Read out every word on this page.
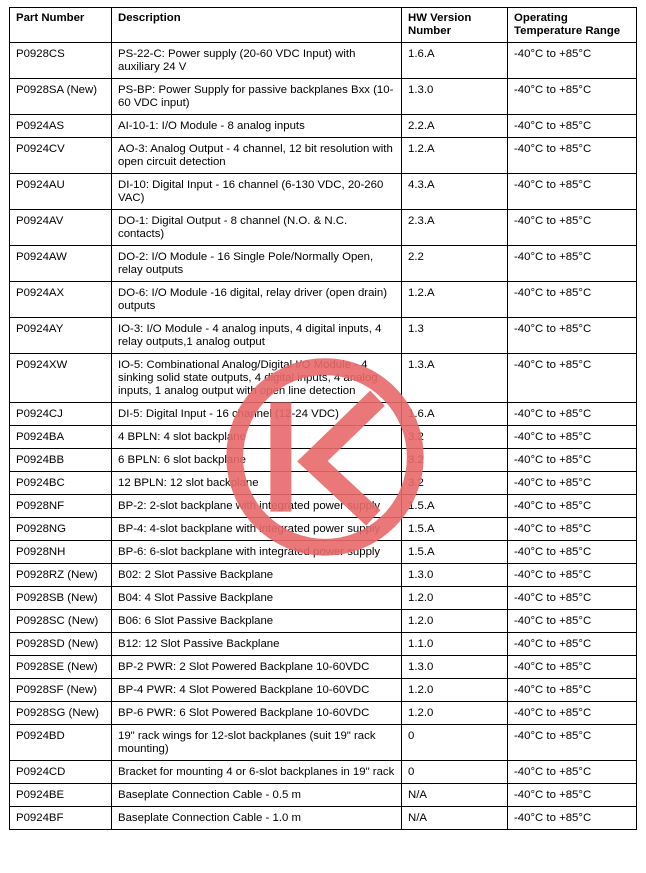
Part Number	Description	HW Version Number	Operating Temperature Range
P0928CS	PS-22-C: Power supply (20-60 VDC Input) with auxiliary 24 V	1.6.A	-40°C to +85°C
P0928SA (New)	PS-BP: Power Supply for passive backplanes Bxx (10-60 VDC input)	1.3.0	-40°C to +85°C
P0924AS	AI-10-1: I/O Module - 8 analog inputs	2.2.A	-40°C to +85°C
P0924CV	AO-3: Analog Output - 4 channel, 12 bit resolution with open circuit detection	1.2.A	-40°C to +85°C
P0924AU	DI-10: Digital Input - 16 channel (6-130 VDC, 20-260 VAC)	4.3.A	-40°C to +85°C
P0924AV	DO-1: Digital Output - 8 channel (N.O. & N.C. contacts)	2.3.A	-40°C to +85°C
P0924AW	DO-2: I/O Module - 16 Single Pole/Normally Open, relay outputs	2.2	-40°C to +85°C
P0924AX	DO-6: I/O Module -16 digital, relay driver (open drain) outputs	1.2.A	-40°C to +85°C
P0924AY	IO-3: I/O Module - 4 analog inputs, 4 digital inputs, 4 relay outputs,1 analog output	1.3	-40°C to +85°C
P0924XW	IO-5: Combinational Analog/Digital I/O Module - 4 sinking solid state outputs, 4 digital inputs, 4 analog inputs, 1 analog output with open line detection	1.3.A	-40°C to +85°C
P0924CJ	DI-5: Digital Input - 16 channel (12-24 VDC)	1.6.A	-40°C to +85°C
P0924BA	4 BPLN: 4 slot backplane	3.2	-40°C to +85°C
P0924BB	6 BPLN: 6 slot backplane	3.2	-40°C to +85°C
P0924BC	12 BPLN: 12 slot backplane	3.2	-40°C to +85°C
P0928NF	BP-2: 2-slot backplane with integrated power supply	1.5.A	-40°C to +85°C
P0928NG	BP-4: 4-slot backplane with integrated power supply	1.5.A	-40°C to +85°C
P0928NH	BP-6: 6-slot backplane with integrated power supply	1.5.A	-40°C to +85°C
P0928RZ (New)	B02: 2 Slot Passive Backplane	1.3.0	-40°C to +85°C
P0928SB (New)	B04: 4 Slot Passive Backplane	1.2.0	-40°C to +85°C
P0928SC (New)	B06: 6 Slot Passive Backplane	1.2.0	-40°C to +85°C
P0928SD (New)	B12: 12 Slot Passive Backplane	1.1.0	-40°C to +85°C
P0928SE (New)	BP-2 PWR: 2 Slot Powered Backplane 10-60VDC	1.3.0	-40°C to +85°C
P0928SF (New)	BP-4 PWR: 4 Slot Powered Backplane 10-60VDC	1.2.0	-40°C to +85°C
P0928SG (New)	BP-6 PWR: 6 Slot Powered Backplane 10-60VDC	1.2.0	-40°C to +85°C
P0924BD	19" rack wings for 12-slot backplanes (suit 19" rack mounting)	0	-40°C to +85°C
P0924CD	Bracket for mounting 4 or 6-slot backplanes in 19" rack	0	-40°C to +85°C
P0924BE	Baseplate Connection Cable - 0.5 m	N/A	-40°C to +85°C
P0924BF	Baseplate Connection Cable - 1.0 m	N/A	-40°C to +85°C
